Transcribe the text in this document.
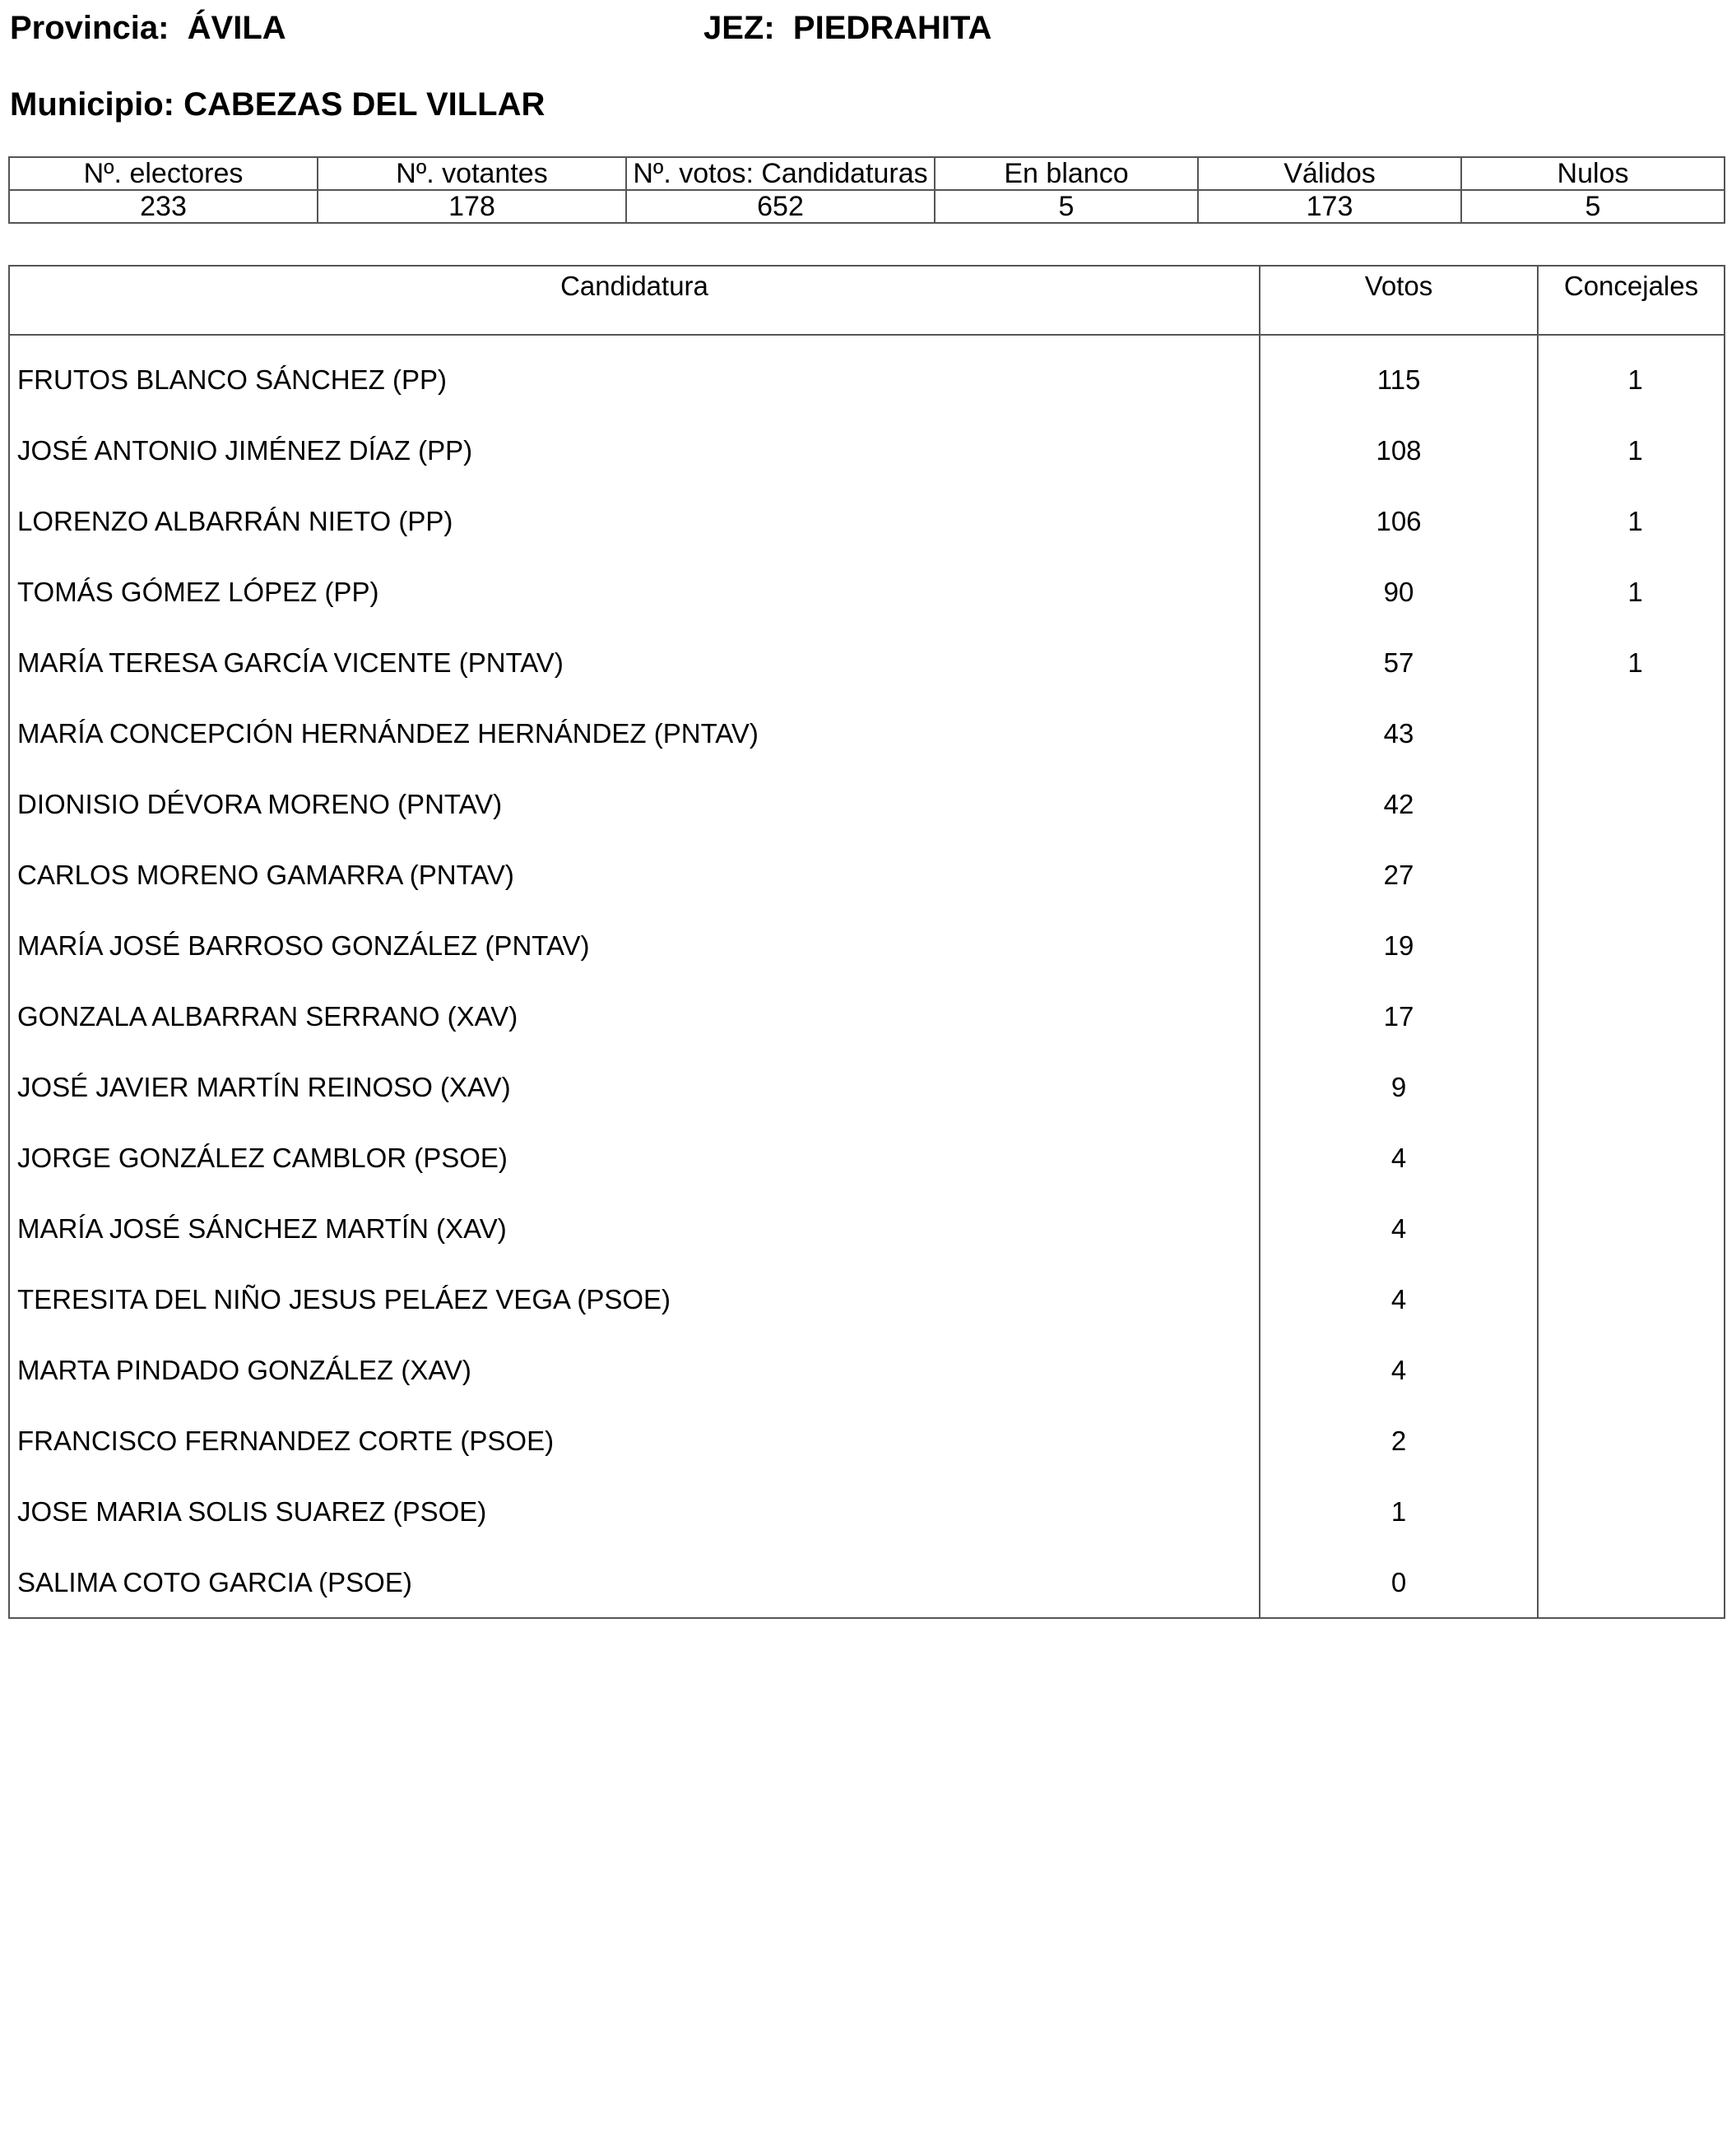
Provincia: ÁVILA	JEZ: PIEDRAHITA
Municipio: CABEZAS DEL VILLAR
Nº. electores	Nº. votantes	Nº. votos: Candidaturas	En blanco	Válidos	Nulos
233	178	652	5	173	5
Candidatura	Votos	Concejales
FRUTOS BLANCO SÁNCHEZ (PP)	115	1
JOSÉ ANTONIO JIMÉNEZ DÍAZ (PP)	108	1
LORENZO ALBARRÁN NIETO (PP)	106	1
TOMÁS GÓMEZ LÓPEZ (PP)	90	1
MARÍA TERESA GARCÍA VICENTE (PNTAV)	57	1
MARÍA CONCEPCIÓN HERNÁNDEZ HERNÁNDEZ (PNTAV)	43	
DIONISIO DÉVORA MORENO (PNTAV)	42	
CARLOS MORENO GAMARRA (PNTAV)	27	
MARÍA JOSÉ BARROSO GONZÁLEZ (PNTAV)	19	
GONZALA ALBARRAN SERRANO (XAV)	17	
JOSÉ JAVIER MARTÍN REINOSO (XAV)	9	
JORGE GONZÁLEZ CAMBLOR (PSOE)	4	
MARÍA JOSÉ SÁNCHEZ MARTÍN (XAV)	4	
TERESITA DEL NIÑO JESUS PELÁEZ VEGA (PSOE)	4	
MARTA PINDADO GONZÁLEZ (XAV)	4	
FRANCISCO FERNANDEZ CORTE (PSOE)	2	
JOSE MARIA SOLIS SUAREZ (PSOE)	1	
SALIMA COTO GARCIA (PSOE)	0	
